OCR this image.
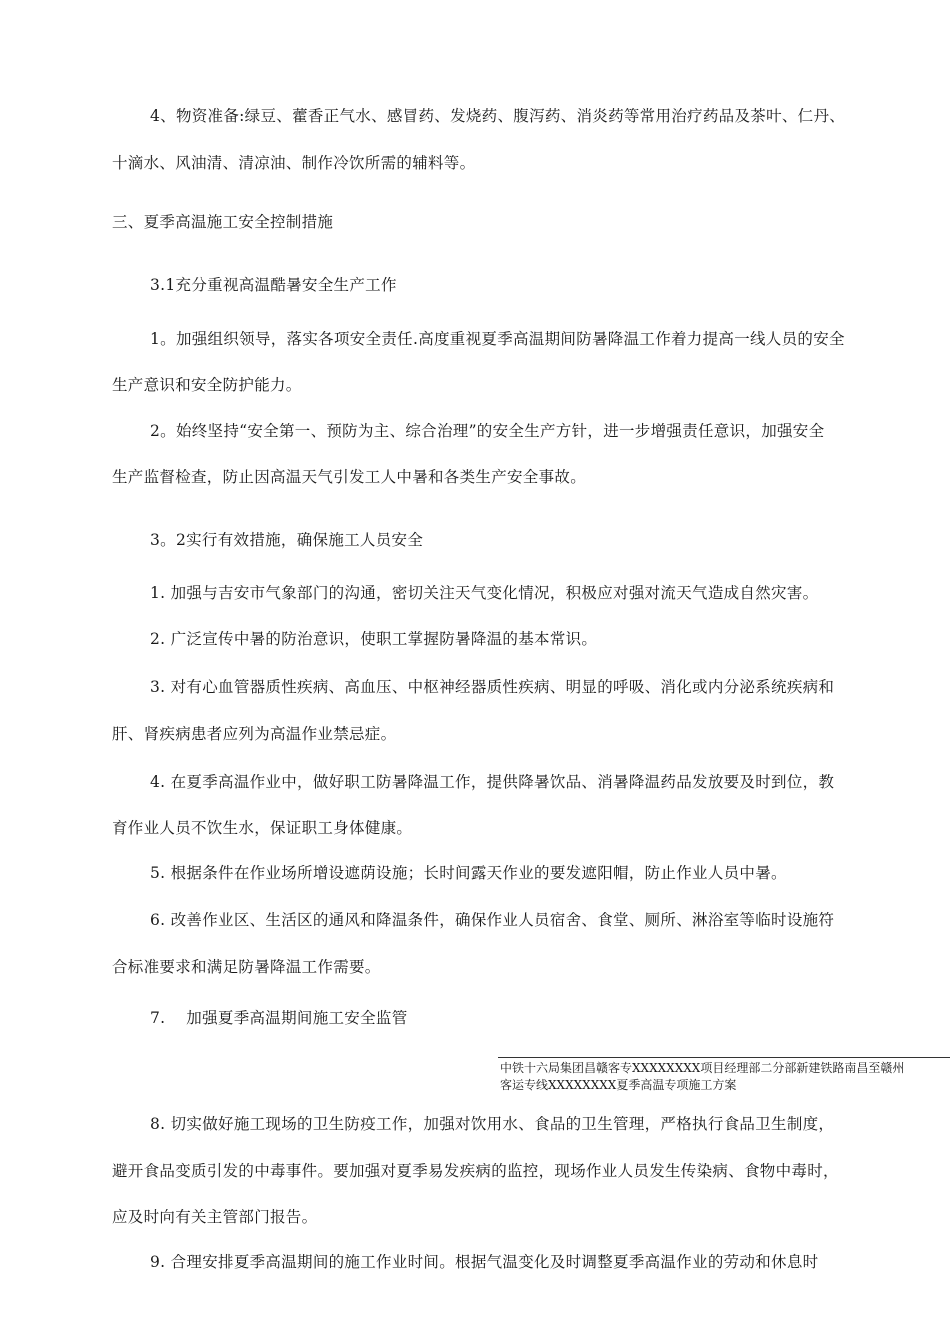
4、物资准备:绿豆、藿香正气水、感冒药、发烧药、腹泻药、消炎药等常用治疗药品及茶叶、仁丹、
十滴水、风油清、清凉油、制作冷饮所需的辅料等。
三、夏季高温施工安全控制措施
3.1充分重视高温酷暑安全生产工作
1。加强组织领导，落实各项安全责任.高度重视夏季高温期间防暑降温工作着力提高一线人员的安全
生产意识和安全防护能力。
2。始终坚持“安全第一、预防为主、综合治理”的安全生产方针，进一步增强责任意识，加强安全
生产监督检查，防止因高温天气引发工人中暑和各类生产安全事故。
3。2实行有效措施，确保施工人员安全
1. 加强与吉安市气象部门的沟通，密切关注天气变化情况，积极应对强对流天气造成自然灾害。
2. 广泛宣传中暑的防治意识，使职工掌握防暑降温的基本常识。
3. 对有心血管器质性疾病、高血压、中枢神经器质性疾病、明显的呼吸、消化或内分泌系统疾病和
肝、肾疾病患者应列为高温作业禁忌症。
4. 在夏季高温作业中，做好职工防暑降温工作，提供降暑饮品、消暑降温药品发放要及时到位，教
育作业人员不饮生水，保证职工身体健康。
5. 根据条件在作业场所增设遮荫设施；长时间露天作业的要发遮阳帽，防止作业人员中暑。
6. 改善作业区、生活区的通风和降温条件，确保作业人员宿舍、食堂、厕所、淋浴室等临时设施符
合标准要求和满足防暑降温工作需要。
7.    加强夏季高温期间施工安全监管
中铁十六局集团昌赣客专XXXXXXXX项目经理部二分部新建铁路南昌至赣州
客运专线XXXXXXXX夏季高温专项施工方案
8. 切实做好施工现场的卫生防疫工作，加强对饮用水、食品的卫生管理，严格执行食品卫生制度，
避开食品变质引发的中毒事件。要加强对夏季易发疾病的监控，现场作业人员发生传染病、食物中毒时，
应及时向有关主管部门报告。
9. 合理安排夏季高温期间的施工作业时间。根据气温变化及时调整夏季高温作业的劳动和休息时
